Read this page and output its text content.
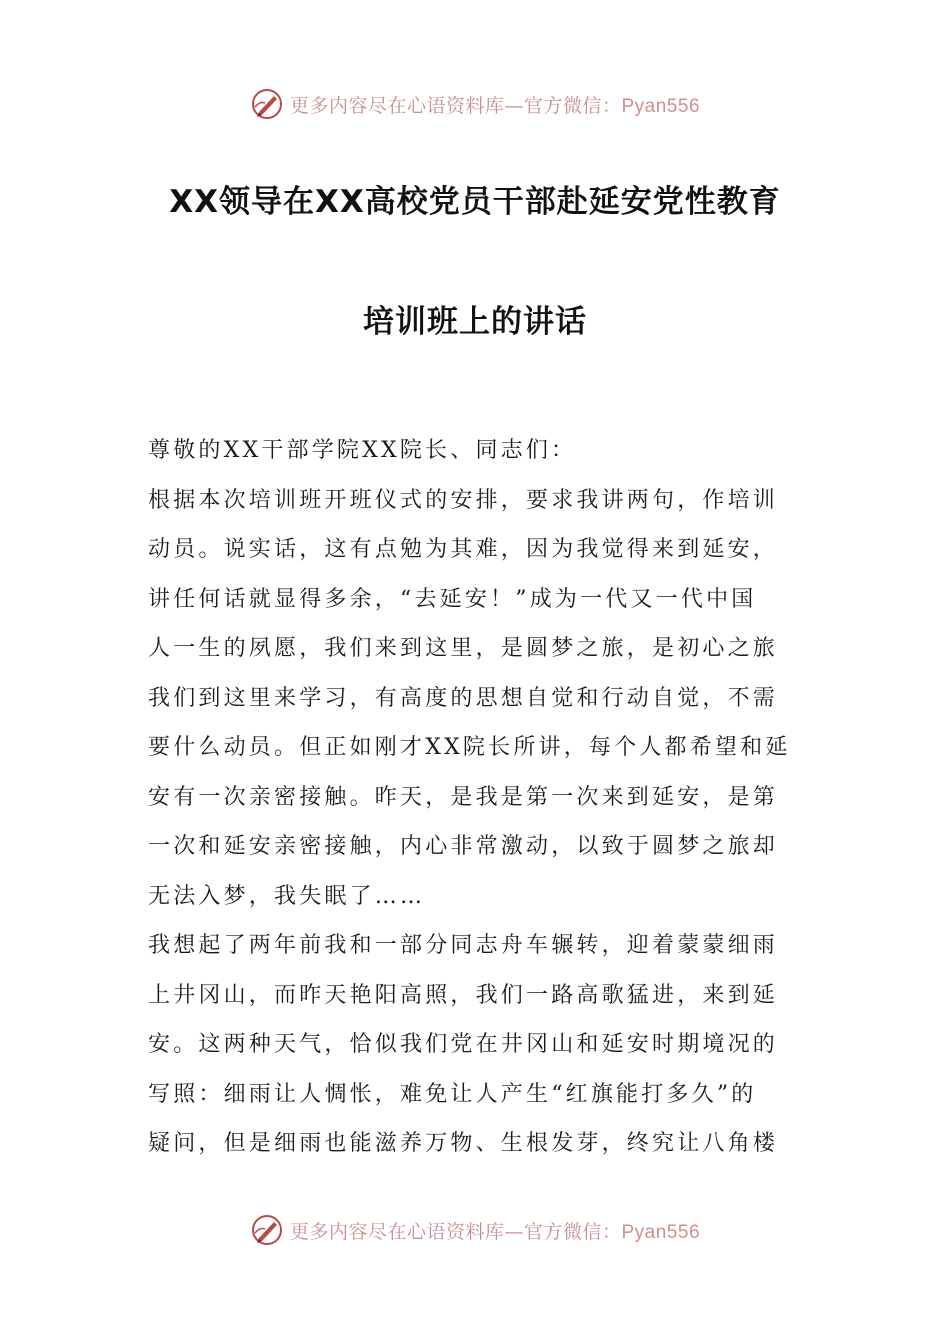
更多内容尽在心语资料库—官方微信：Pyan556
XX领导在XX高校党员干部赴延安党性教育
培训班上的讲话
尊敬的XX干部学院XX院长、同志们：
根据本次培训班开班仪式的安排，要求我讲两句，作培训
动员。说实话，这有点勉为其难，因为我觉得来到延安，
讲任何话就显得多余，“去延安！”成为一代又一代中国
人一生的夙愿，我们来到这里，是圆梦之旅，是初心之旅
我们到这里来学习，有高度的思想自觉和行动自觉，不需
要什么动员。但正如刚才XX院长所讲，每个人都希望和延
安有一次亲密接触。昨天，是我是第一次来到延安，是第
一次和延安亲密接触，内心非常激动，以致于圆梦之旅却
无法入梦，我失眠了……
我想起了两年前我和一部分同志舟车辗转，迎着蒙蒙细雨
上井冈山，而昨天艳阳高照，我们一路高歌猛进，来到延
安。这两种天气，恰似我们党在井冈山和延安时期境况的
写照：细雨让人惆怅，难免让人产生“红旗能打多久”的
疑问，但是细雨也能滋养万物、生根发芽，终究让八角楼
更多内容尽在心语资料库—官方微信：Pyan556
